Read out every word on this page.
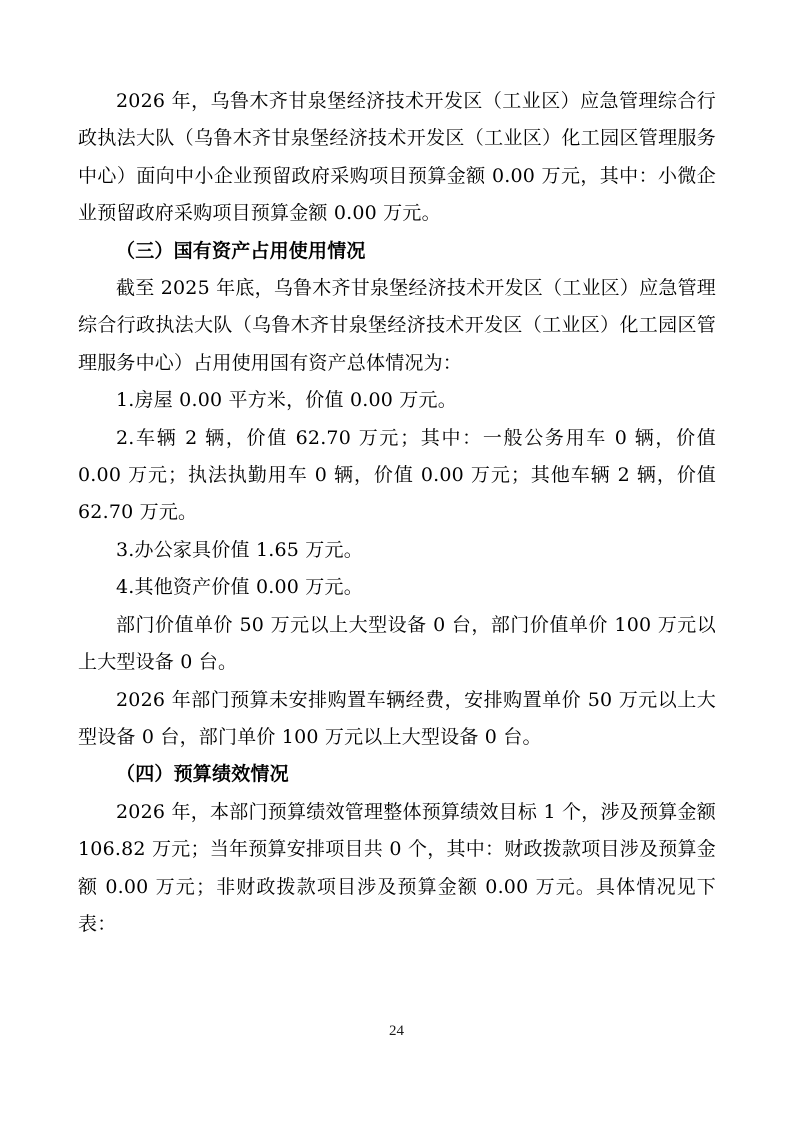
2026 年，乌鲁木齐甘泉堡经济技术开发区（工业区）应急管理综合行政执法大队（乌鲁木齐甘泉堡经济技术开发区（工业区）化工园区管理服务中心）面向中小企业预留政府采购项目预算金额 0.00 万元，其中：小微企业预留政府采购项目预算金额 0.00 万元。

（三）国有资产占用使用情况

截至 2025 年底，乌鲁木齐甘泉堡经济技术开发区（工业区）应急管理综合行政执法大队（乌鲁木齐甘泉堡经济技术开发区（工业区）化工园区管理服务中心）占用使用国有资产总体情况为：

1.房屋 0.00 平方米，价值 0.00 万元。

2.车辆 2 辆，价值 62.70 万元；其中：一般公务用车 0 辆，价值 0.00 万元；执法执勤用车 0 辆，价值 0.00 万元；其他车辆 2 辆，价值 62.70 万元。

3.办公家具价值 1.65 万元。

4.其他资产价值 0.00 万元。

部门价值单价 50 万元以上大型设备 0 台，部门价值单价 100 万元以上大型设备 0 台。

2026 年部门预算未安排购置车辆经费，安排购置单价 50 万元以上大型设备 0 台，部门单价 100 万元以上大型设备 0 台。

（四）预算绩效情况

2026 年，本部门预算绩效管理整体预算绩效目标 1 个，涉及预算金额 106.82 万元；当年预算安排项目共 0 个，其中：财政拨款项目涉及预算金额 0.00 万元；非财政拨款项目涉及预算金额 0.00 万元。具体情况见下表：

24
